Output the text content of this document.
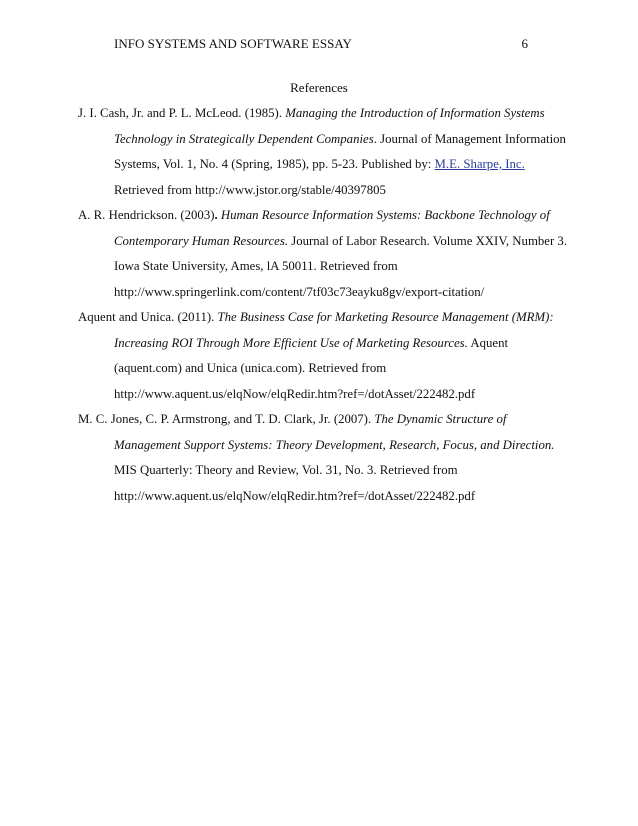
INFO SYSTEMS AND SOFTWARE ESSAY	6
References
J. I. Cash, Jr. and P. L. McLeod. (1985). Managing the Introduction of Information Systems
Technology in Strategically Dependent Companies. Journal of Management Information
Systems, Vol. 1, No. 4 (Spring, 1985), pp. 5-23. Published by: M.E. Sharpe, Inc.
Retrieved from http://www.jstor.org/stable/40397805
A. R. Hendrickson. (2003). Human Resource Information Systems: Backbone Technology of
Contemporary Human Resources. Journal of Labor Research. Volume XXIV, Number 3.
Iowa State University, Ames, lA 50011. Retrieved from
http://www.springerlink.com/content/7tf03c73eayku8gv/export-citation/
Aquent and Unica. (2011). The Business Case for Marketing Resource Management (MRM):
Increasing ROI Through More Efficient Use of Marketing Resources. Aquent
(aquent.com) and Unica (unica.com). Retrieved from
http://www.aquent.us/elqNow/elqRedir.htm?ref=/dotAsset/222482.pdf
M. C. Jones, C. P. Armstrong, and T. D. Clark, Jr. (2007). The Dynamic Structure of
Management Support Systems: Theory Development, Research, Focus, and Direction.
MIS Quarterly: Theory and Review, Vol. 31, No. 3. Retrieved from
http://www.aquent.us/elqNow/elqRedir.htm?ref=/dotAsset/222482.pdf
